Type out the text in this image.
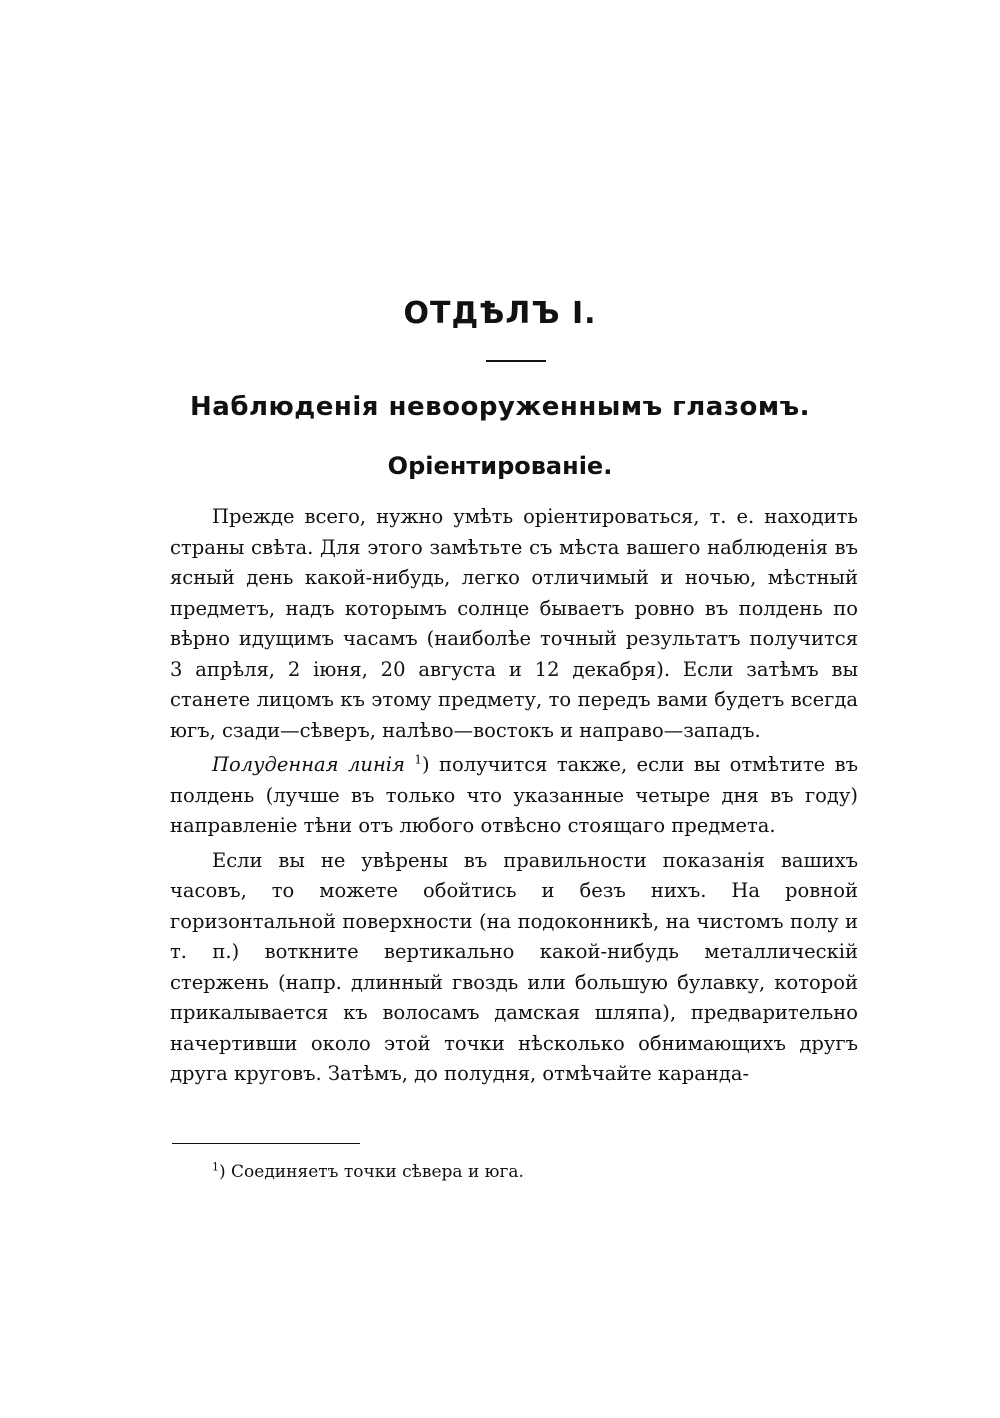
ОТДѢЛЪ I.
Наблюденія невооруженнымъ глазомъ.
Оріентированіе.

Прежде всего, нужно умѣть оріентироваться, т. е. находить страны свѣта. Для этого замѣтьте съ мѣста вашего наблюденія въ ясный день какой-нибудь, легко отличимый и ночью, мѣстный предметъ, надъ которымъ солнце бываетъ ровно въ полдень по вѣрно идущимъ часамъ (наиболѣе точный результатъ получится 3 апрѣля, 2 іюня, 20 августа и 12 декабря). Если затѣмъ вы станете лицомъ къ этому предмету, то передъ вами будетъ всегда югъ, сзади—сѣверъ, налѣво—востокъ и направо—западъ.

Полуденная линія $^1$) получится также, если вы отмѣтите въ полдень (лучше въ только что указанные четыре дня въ году) направленіе тѣни отъ любого отвѣсно стоящаго предмета.

Если вы не увѣрены въ правильности показанія вашихъ часовъ, то можете обойтись и безъ нихъ. На ровной горизонтальной поверхности (на подоконникѣ, на чистомъ полу и т. п.) воткните вертикально какой-нибудь металлическій стержень (напр. длинный гвоздь или большую булавку, которой прикалывается къ волосамъ дамская шляпа), предварительно начертивши около этой точки нѣсколько обнимающихъ другъ друга круговъ. Затѣмъ, до полудня, отмѣчайте каранда-

$^1$) Соединяетъ точки сѣвера и юга.
